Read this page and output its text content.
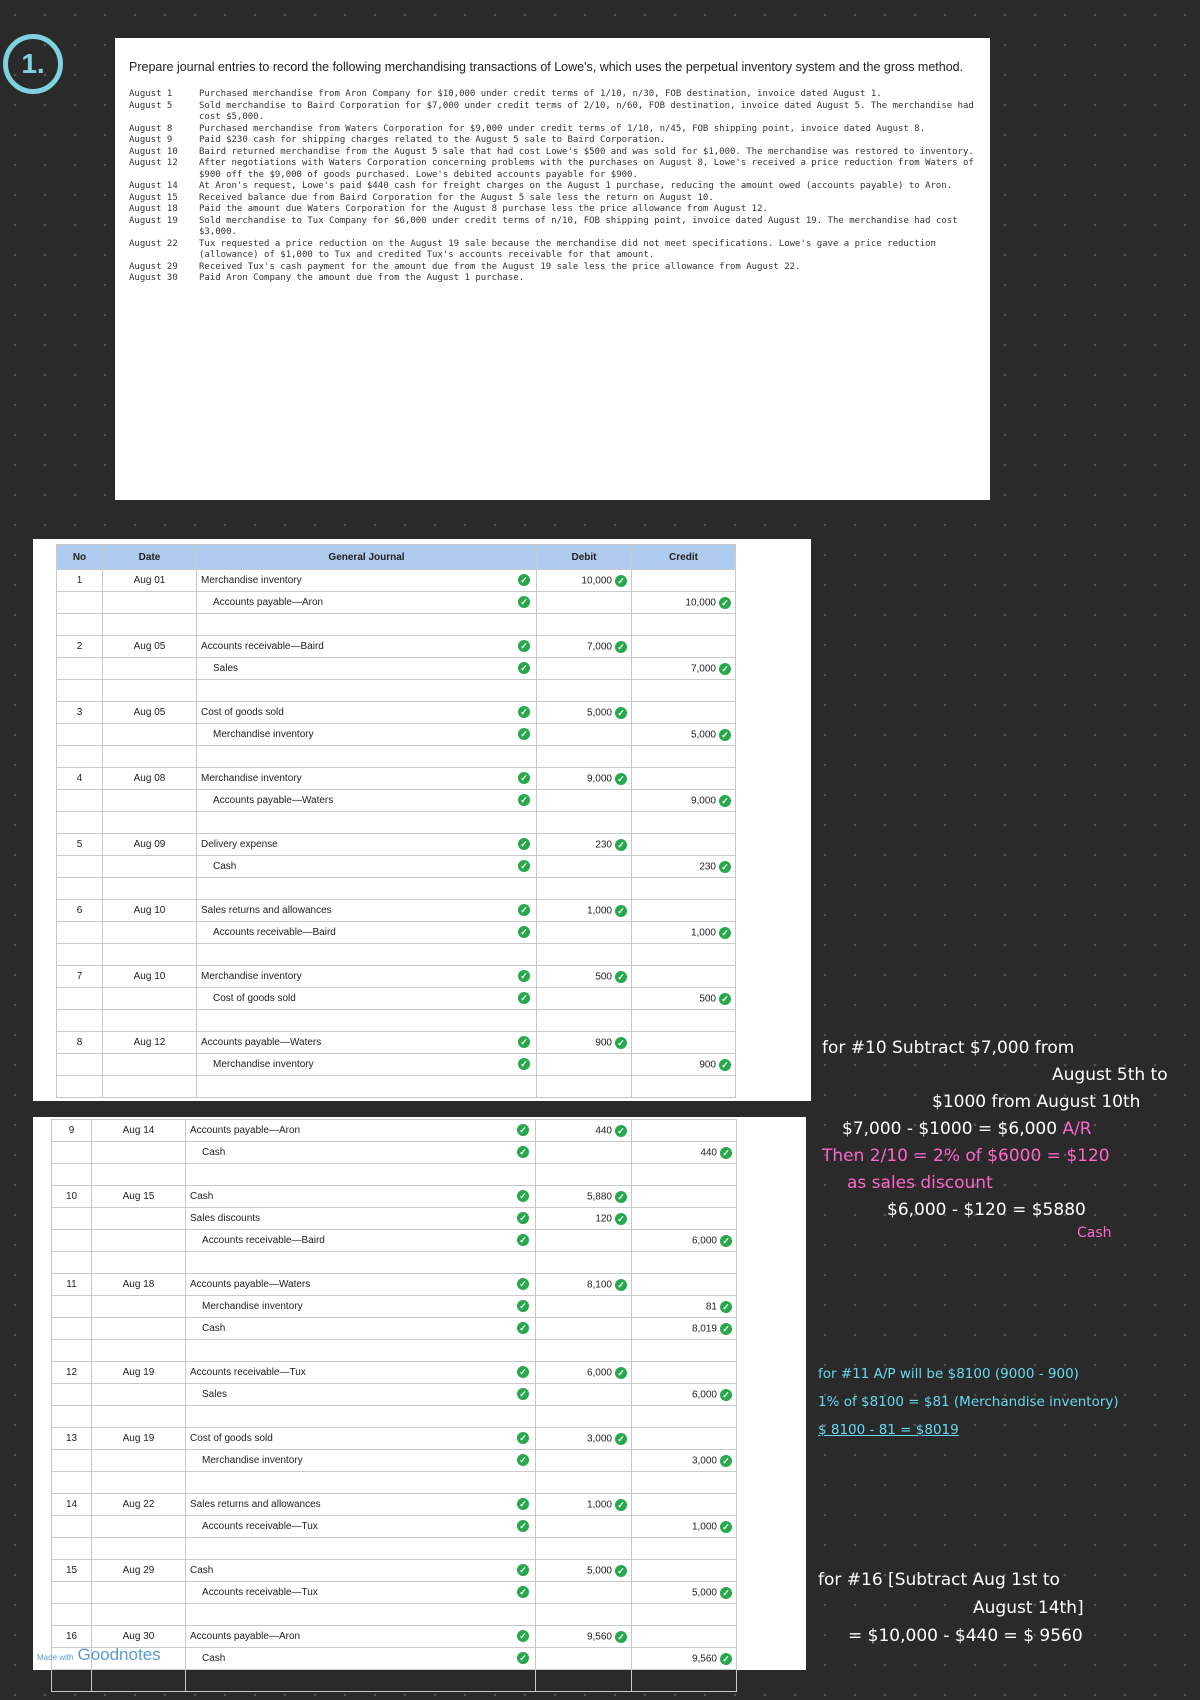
1.	Prepare journal entries to record the following merchandising transactions of Lowe's, which uses the perpetual inventory system and the gross method.

August 1	Purchased merchandise from Aron Company for $10,000 under credit terms of 1/10, n/30, FOB destination, invoice dated August 1.
August 5	Sold merchandise to Baird Corporation for $7,000 under credit terms of 2/10, n/60, FOB destination, invoice dated August 5. The merchandise had cost $5,000.
August 8	Purchased merchandise from Waters Corporation for $9,000 under credit terms of 1/10, n/45, FOB shipping point, invoice dated August 8.
August 9	Paid $230 cash for shipping charges related to the August 5 sale to Baird Corporation.
August 10	Baird returned merchandise from the August 5 sale that had cost Lowe's $500 and was sold for $1,000. The merchandise was restored to inventory.
August 12	After negotiations with Waters Corporation concerning problems with the purchases on August 8, Lowe's received a price reduction from Waters of $900 off the $9,000 of goods purchased. Lowe's debited accounts payable for $900.
August 14	At Aron's request, Lowe's paid $440 cash for freight charges on the August 1 purchase, reducing the amount owed (accounts payable) to Aron.
August 15	Received balance due from Baird Corporation for the August 5 sale less the return on August 10.
August 18	Paid the amount due Waters Corporation for the August 8 purchase less the price allowance from August 12.
August 19	Sold merchandise to Tux Company for $6,000 under credit terms of n/10, FOB shipping point, invoice dated August 19. The merchandise had cost $3,000.
August 22	Tux requested a price reduction on the August 19 sale because the merchandise did not meet specifications. Lowe's gave a price reduction (allowance) of $1,000 to Tux and credited Tux's accounts receivable for that amount.
August 29	Received Tux's cash payment for the amount due from the August 19 sale less the price allowance from August 22.
August 30	Paid Aron Company the amount due from the August 1 purchase.
No	Date	General Journal	Debit	Credit
1	Aug 01	Merchandise inventory ✓	10,000 ✓	
		Accounts payable—Aron ✓		10,000 ✓

2	Aug 05	Accounts receivable—Baird ✓	7,000 ✓	
		Sales ✓		7,000 ✓

3	Aug 05	Cost of goods sold ✓	5,000 ✓	
		Merchandise inventory ✓		5,000 ✓

4	Aug 08	Merchandise inventory ✓	9,000 ✓	
		Accounts payable—Waters ✓		9,000 ✓

5	Aug 09	Delivery expense ✓	230 ✓	
		Cash ✓		230 ✓

6	Aug 10	Sales returns and allowances ✓	1,000 ✓	
		Accounts receivable—Baird ✓		1,000 ✓

7	Aug 10	Merchandise inventory ✓	500 ✓	
		Cost of goods sold ✓		500 ✓

8	Aug 12	Accounts payable—Waters ✓	900 ✓	
		Merchandise inventory ✓		900 ✓

9	Aug 14	Accounts payable—Aron ✓	440 ✓	
		Cash ✓		440 ✓

10	Aug 15	Cash ✓	5,880 ✓	
		Sales discounts ✓	120 ✓	
		Accounts receivable—Baird ✓		6,000 ✓

11	Aug 18	Accounts payable—Waters ✓	8,100 ✓	
		Merchandise inventory ✓		81 ✓
		Cash ✓		8,019 ✓

12	Aug 19	Accounts receivable—Tux ✓	6,000 ✓	
		Sales ✓		6,000 ✓

13	Aug 19	Cost of goods sold ✓	3,000 ✓	
		Merchandise inventory ✓		3,000 ✓

14	Aug 22	Sales returns and allowances ✓	1,000 ✓	
		Accounts receivable—Tux ✓		1,000 ✓

15	Aug 29	Cash ✓	5,000 ✓	
		Accounts receivable—Tux ✓		5,000 ✓

16	Aug 30	Accounts payable—Aron ✓	9,560 ✓	
		Cash ✓		9,560 ✓

for #10 Subtract $7,000 from
August 5th to
$1000 from August 10th
$7,000 - $1000 = $6,000 A/R
Then 2/10 = 2% of $6000 = $120
as sales discount
$6,000 - $120 = $5880
Cash
for #11 A/P will be $8100 (9000 - 900)
1% of $8100 = $81 (Merchandise inventory)
$ 8100 - 81 = $8019
for #16 [Subtract Aug 1st to
August 14th]
= $10,000 - $440 = $ 9560
Made with Goodnotes
